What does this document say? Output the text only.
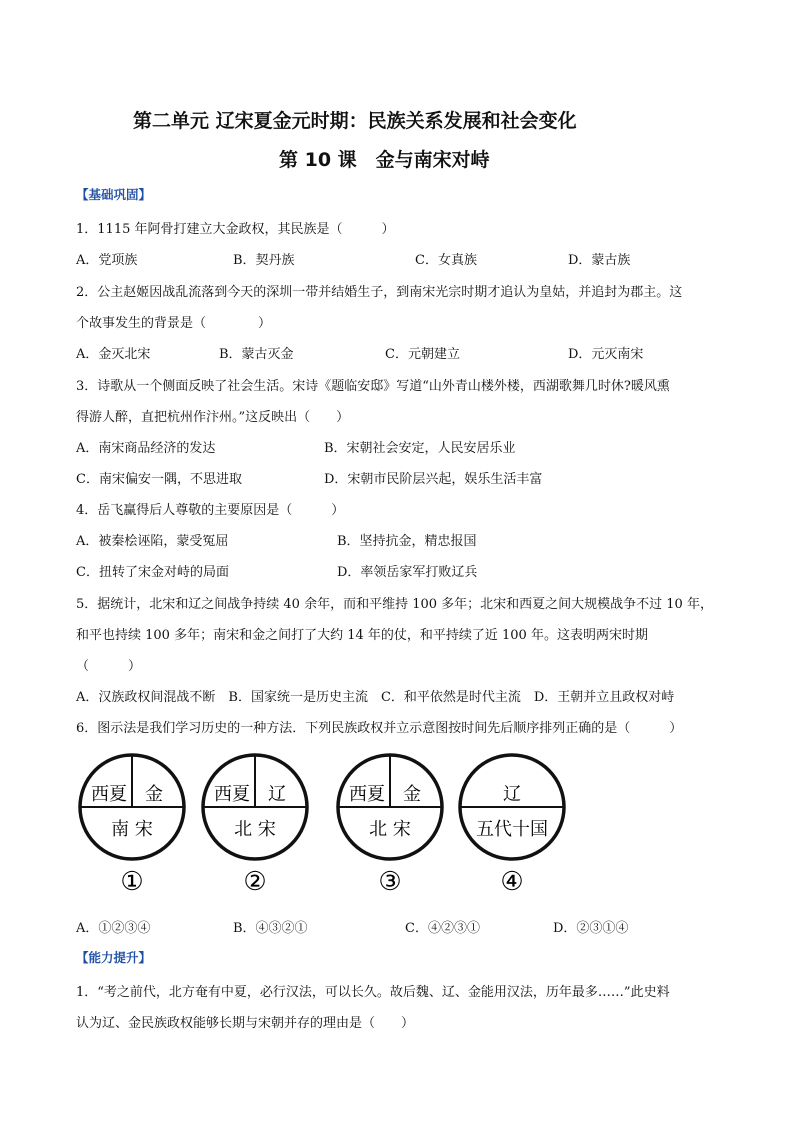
第二单元 辽宋夏金元时期：民族关系发展和社会变化
第 10 课　金与南宋对峙
【基础巩固】
1．1115 年阿骨打建立大金政权，其民族是（　　　）
A．党项族	B．契丹族	C．女真族	D．蒙古族
2．公主赵姬因战乱流落到今天的深圳一带并结婚生子，到南宋光宗时期才追认为皇姑，并追封为郡主。这
个故事发生的背景是（　　　　）
A．金灭北宋	B．蒙古灭金	C．元朝建立	D．元灭南宋
3．诗歌从一个侧面反映了社会生活。宋诗《题临安邸》写道“山外青山楼外楼，西湖歌舞几时休?暖风熏
得游人醉，直把杭州作汴州。”这反映出（　　）
A．南宋商品经济的发达	B．宋朝社会安定，人民安居乐业
C．南宋偏安一隅，不思进取	D．宋朝市民阶层兴起，娱乐生活丰富
4．岳飞赢得后人尊敬的主要原因是（　　　）
A．被秦桧诬陷，蒙受冤屈	B．坚持抗金，精忠报国
C．扭转了宋金对峙的局面	D．率领岳家军打败辽兵
5．据统计，北宋和辽之间战争持续 40 余年，而和平维持 100 多年；北宋和西夏之间大规模战争不过 10 年，
和平也持续 100 多年；南宋和金之间打了大约 14 年的仗，和平持续了近 100 年。这表明两宋时期
（　　　）
A．汉族政权间混战不断　B．国家统一是历史主流　C．和平依然是时代主流　D．王朝并立且政权对峙
6．图示法是我们学习历史的一种方法．下列民族政权并立示意图按时间先后顺序排列正确的是（　　　）
西夏 金
南 宋
①
西夏 辽
北 宋
②
西夏 金
北 宋
③
辽
五代十国
④
A．①②③④	B．④③②①	C．④②③①	D．②③①④
【能力提升】
1．“考之前代，北方奄有中夏，必行汉法，可以长久。故后魏、辽、金能用汉法，历年最多……”此史料
认为辽、金民族政权能够长期与宋朝并存的理由是（　　）
